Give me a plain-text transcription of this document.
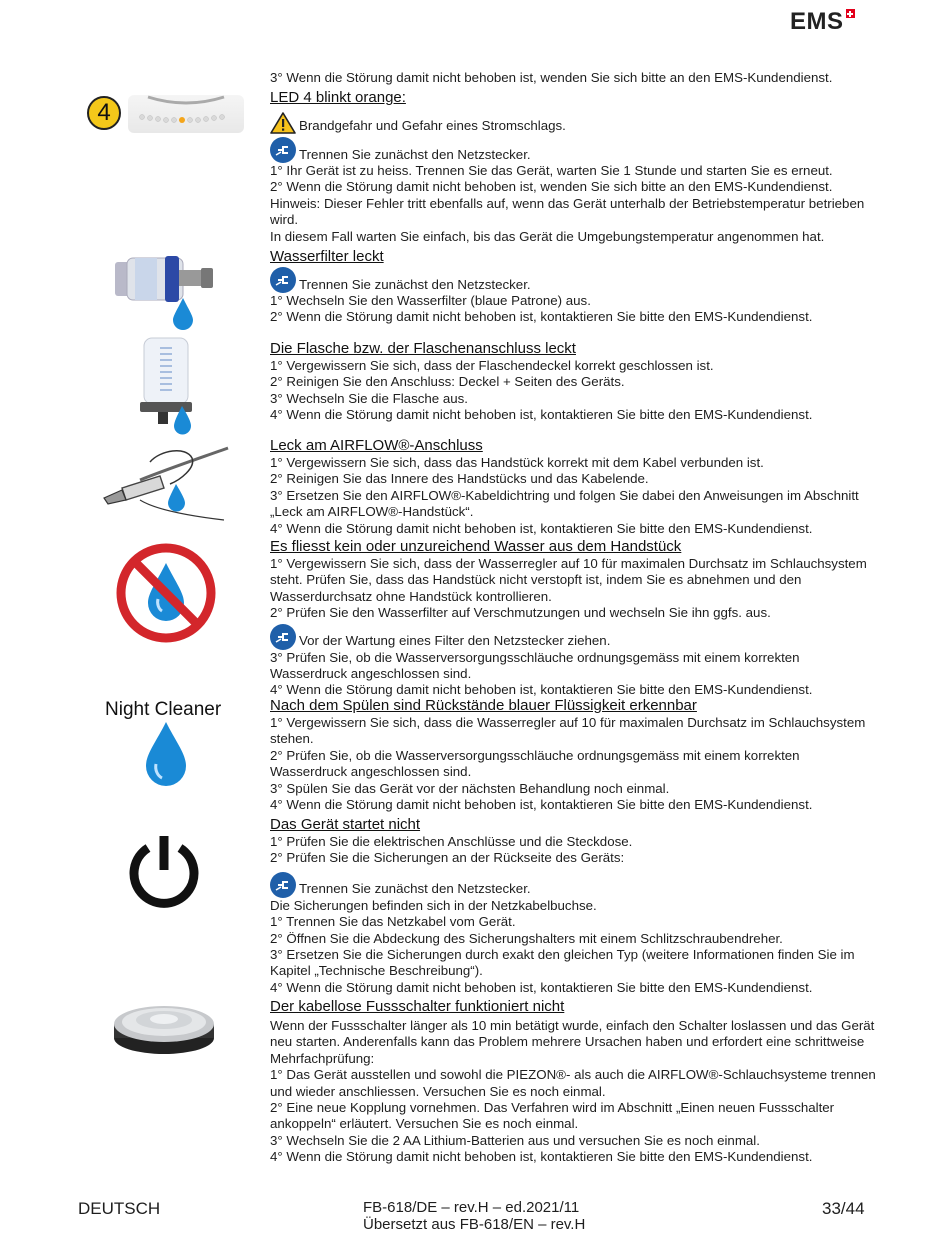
EMS
4
Night Cleaner
3° Wenn die Störung damit nicht behoben ist, wenden Sie sich bitte an den EMS-Kundendienst.
LED 4 blinkt orange:
Brandgefahr und Gefahr eines Stromschlags.
Trennen Sie zunächst den Netzstecker.
1° Ihr Gerät ist zu heiss. Trennen Sie das Gerät, warten Sie 1 Stunde und starten Sie es erneut.
2° Wenn die Störung damit nicht behoben ist, wenden Sie sich bitte an den EMS-Kundendienst.
Hinweis: Dieser Fehler tritt ebenfalls auf, wenn das Gerät unterhalb der Betriebstemperatur betrieben wird.
In diesem Fall warten Sie einfach, bis das Gerät die Umgebungstemperatur angenommen hat.
Wasserfilter leckt
Trennen Sie zunächst den Netzstecker.
1° Wechseln Sie den Wasserfilter (blaue Patrone) aus.
2° Wenn die Störung damit nicht behoben ist, kontaktieren Sie bitte den EMS-Kundendienst.
Die Flasche bzw. der Flaschenanschluss leckt
1° Vergewissern Sie sich, dass der Flaschendeckel korrekt geschlossen ist.
2° Reinigen Sie den Anschluss: Deckel + Seiten des Geräts.
3° Wechseln Sie die Flasche aus.
4° Wenn die Störung damit nicht behoben ist, kontaktieren Sie bitte den EMS-Kundendienst.
Leck am AIRFLOW®-Anschluss
1° Vergewissern Sie sich, dass das Handstück korrekt mit dem Kabel verbunden ist.
2° Reinigen Sie das Innere des Handstücks und das Kabelende.
3° Ersetzen Sie den AIRFLOW®-Kabeldichtring und folgen Sie dabei den Anweisungen im Abschnitt
„Leck am AIRFLOW®-Handstück“.
4° Wenn die Störung damit nicht behoben ist, kontaktieren Sie bitte den EMS-Kundendienst.
Es fliesst kein oder unzureichend Wasser aus dem Handstück
1° Vergewissern Sie sich, dass der Wasserregler auf 10 für maximalen Durchsatz im Schlauchsystem steht. Prüfen Sie, dass das Handstück nicht verstopft ist, indem Sie es abnehmen und den Wasserdurchsatz ohne Handstück kontrollieren.
2° Prüfen Sie den Wasserfilter auf Verschmutzungen und wechseln Sie ihn ggfs. aus.
Vor der Wartung eines Filter den Netzstecker ziehen.
3° Prüfen Sie, ob die Wasserversorgungsschläuche ordnungsgemäss mit einem korrekten Wasserdruck angeschlossen sind.
4° Wenn die Störung damit nicht behoben ist, kontaktieren Sie bitte den EMS-Kundendienst.
Nach dem Spülen sind Rückstände blauer Flüssigkeit erkennbar
1° Vergewissern Sie sich, dass die Wasserregler auf 10 für maximalen Durchsatz im Schlauchsystem stehen.
2° Prüfen Sie, ob die Wasserversorgungsschläuche ordnungsgemäss mit einem korrekten Wasserdruck angeschlossen sind.
3° Spülen Sie das Gerät vor der nächsten Behandlung noch einmal.
4° Wenn die Störung damit nicht behoben ist, kontaktieren Sie bitte den EMS-Kundendienst.
Das Gerät startet nicht
1° Prüfen Sie die elektrischen Anschlüsse und die Steckdose.
2° Prüfen Sie die Sicherungen an der Rückseite des Geräts:
Trennen Sie zunächst den Netzstecker.
Die Sicherungen befinden sich in der Netzkabelbuchse.
1° Trennen Sie das Netzkabel vom Gerät.
2° Öffnen Sie die Abdeckung des Sicherungshalters mit einem Schlitzschraubendreher.
3° Ersetzen Sie die Sicherungen durch exakt den gleichen Typ (weitere Informationen finden Sie im Kapitel „Technische Beschreibung“).
4° Wenn die Störung damit nicht behoben ist, kontaktieren Sie bitte den EMS-Kundendienst.
Der kabellose Fussschalter funktioniert nicht
Wenn der Fussschalter länger als 10 min betätigt wurde, einfach den Schalter loslassen und das Gerät neu starten. Anderenfalls kann das Problem mehrere Ursachen haben und erfordert eine schrittweise Mehrfachprüfung:
1° Das Gerät ausstellen und sowohl die PIEZON®- als auch die AIRFLOW®-Schlauchsysteme trennen und wieder anschliessen. Versuchen Sie es noch einmal.
2° Eine neue Kopplung vornehmen. Das Verfahren wird im Abschnitt „Einen neuen Fussschalter ankoppeln“ erläutert. Versuchen Sie es noch einmal.
3° Wechseln Sie die 2 AA Lithium-Batterien aus und versuchen Sie es noch einmal.
4° Wenn die Störung damit nicht behoben ist, kontaktieren Sie bitte den EMS-Kundendienst.
DEUTSCH	FB-618/DE – rev.H – ed.2021/11
Übersetzt aus FB-618/EN – rev.H
33/44
